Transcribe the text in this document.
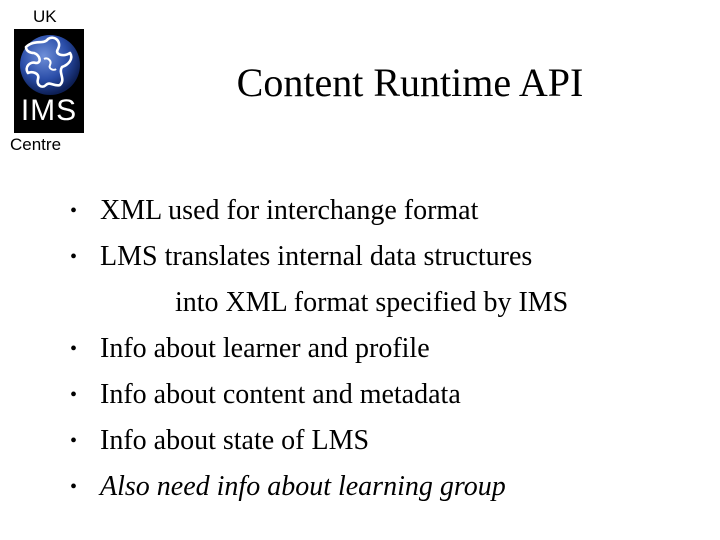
UK
IMS
Centre
Content Runtime API
• XML used for interchange format
• LMS translates internal data structures
into XML format specified by IMS
• Info about learner and profile
• Info about content and metadata
• Info about state of LMS
• Also need info about learning group
